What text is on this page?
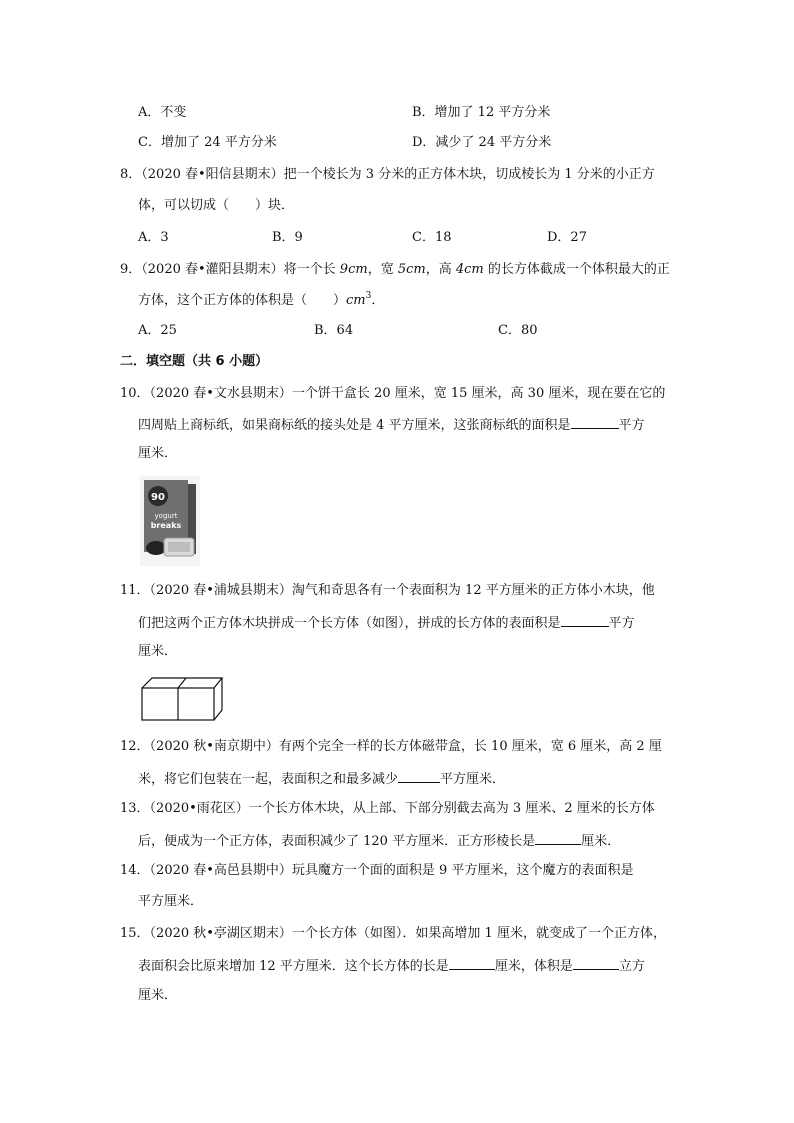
A．不变	B．增加了 12 平方分米
C．增加了 24 平方分米	D．减少了 24 平方分米
8．（2020 春•阳信县期末）把一个棱长为 3 分米的正方体木块，切成棱长为 1 分米的小正方
体，可以切成（　　）块．
A．3	B．9	C．18	D．27
9．（2020 春•灌阳县期末）将一个长 9cm，宽 5cm，高 4cm 的长方体截成一个体积最大的正
方体，这个正方体的体积是（　　）$cm^3$．
A．25	B．64	C．80
二．填空题（共 6 小题）
10．（2020 春•文水县期末）一个饼干盒长 20 厘米，宽 15 厘米，高 30 厘米，现在要在它的
四周贴上商标纸，如果商标纸的接头处是 4 平方厘米，这张商标纸的面积是	平方
厘米．
90
yogurt
breaks
11．（2020 春•浦城县期末）淘气和奇思各有一个表面积为 12 平方厘米的正方体小木块，他
们把这两个正方体木块拼成一个长方体（如图），拼成的长方体的表面积是	平方
厘米．
12．（2020 秋•南京期中）有两个完全一样的长方体磁带盒，长 10 厘米，宽 6 厘米，高 2 厘
米，将它们包装在一起，表面积之和最多减少	平方厘米．
13．（2020•雨花区）一个长方体木块，从上部、下部分别截去高为 3 厘米、2 厘米的长方体
后，便成为一个正方体，表面积减少了 120 平方厘米．正方形棱长是	厘米．
14．（2020 春•高邑县期中）玩具魔方一个面的面积是 9 平方厘米，这个魔方的表面积是
平方厘米．
15．（2020 秋•亭湖区期末）一个长方体（如图）．如果高增加 1 厘米，就变成了一个正方体，
表面积会比原来增加 12 平方厘米．这个长方体的长是	厘米，体积是	立方
厘米．
